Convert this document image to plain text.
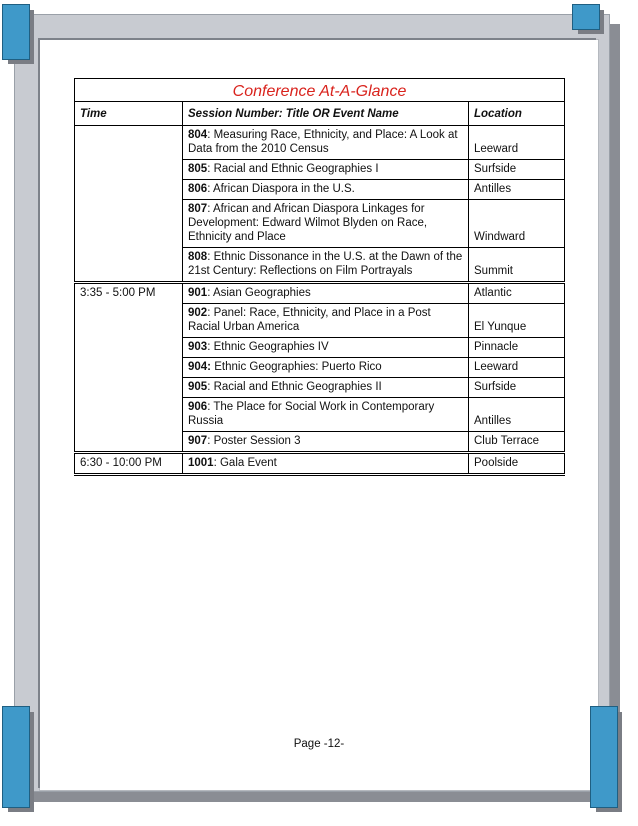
Conference At-A-Glance		
Time	Session Number: Title OR Event Name	Location
	804: Measuring Race, Ethnicity, and Place: A Look at Data from the 2010 Census	Leeward
	805: Racial and Ethnic Geographies I	Surfside
	806: African Diaspora in the U.S.	Antilles
	807: African and African Diaspora Linkages for Development: Edward Wilmot Blyden on Race, Ethnicity and Place	Windward
	808: Ethnic Dissonance in the U.S. at the Dawn of the 21st Century: Reflections on Film Portrayals	Summit
3:35 - 5:00 PM	901: Asian Geographies	Atlantic
	902: Panel: Race, Ethnicity, and Place in a Post Racial Urban America	El Yunque
	903: Ethnic Geographies IV	Pinnacle
	904: Ethnic Geographies: Puerto Rico	Leeward
	905: Racial and Ethnic Geographies II	Surfside
	906: The Place for Social Work in Contemporary Russia	Antilles
	907: Poster Session 3	Club Terrace
6:30 - 10:00 PM	1001: Gala Event	Poolside
Page -12-
